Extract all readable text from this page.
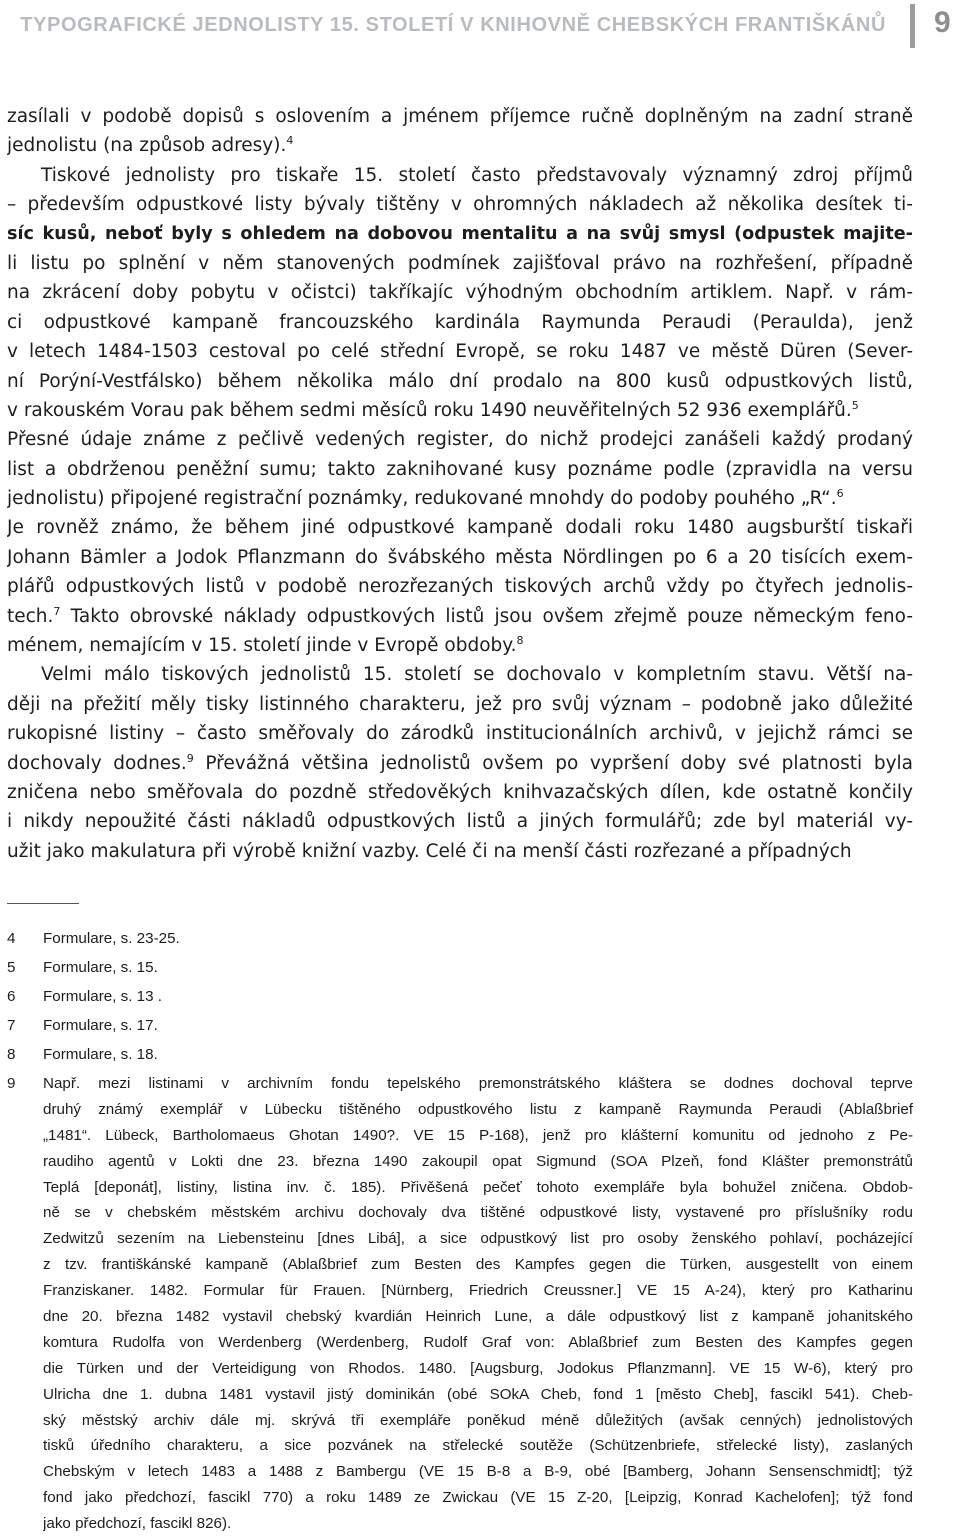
TYPOGRAFICKÉ JEDNOLISTY 15. STOLETÍ V KNIHOVNĚ CHEBSKÝCH FRANTIŠKÁNŮ 9
zasílali v podobě dopisů s oslovením a jménem příjemce ručně doplněným na zadní straně
jednolistu (na způsob adresy).$^4$
Tiskové jednolisty pro tiskaře 15. století často představovaly významný zdroj příjmů
– především odpustkové listy bývaly tištěny v ohromných nákladech až několika desítek ti-
síc kusů, neboť byly s ohledem na dobovou mentalitu a na svůj smysl (odpustek majite-
li listu po splnění v něm stanovených podmínek zajišťoval právo na rozhřešení, případně
na zkrácení doby pobytu v očistci) takříkajíc výhodným obchodním artiklem. Např. v rám-
ci odpustkové kampaně francouzského kardinála Raymunda Peraudi (Peraulda), jenž
v letech 1484-1503 cestoval po celé střední Evropě, se roku 1487 ve městě Düren (Sever-
ní Porýní-Vestfálsko) během několika málo dní prodalo na 800 kusů odpustkových listů,
v rakouském Vorau pak během sedmi měsíců roku 1490 neuvěřitelných 52 936 exemplářů.$^5$
Přesné údaje známe z pečlivě vedených register, do nichž prodejci zanášeli každý prodaný
list a obdrženou peněžní sumu; takto zaknihované kusy poznáme podle (zpravidla na versu
jednolistu) připojené registrační poznámky, redukované mnohdy do podoby pouhého „R“.$^6$
Je rovněž známo, že během jiné odpustkové kampaně dodali roku 1480 augsburští tiskaři
Johann Bämler a Jodok Pflanzmann do švábského města Nördlingen po 6 a 20 tisících exem-
plářů odpustkových listů v podobě nerozřezaných tiskových archů vždy po čtyřech jednolis-
tech.$^7$ Takto obrovské náklady odpustkových listů jsou ovšem zřejmě pouze německým feno-
ménem, nemajícím v 15. století jinde v Evropě obdoby.$^8$
Velmi málo tiskových jednolistů 15. století se dochovalo v kompletním stavu. Větší na-
ději na přežití měly tisky listinného charakteru, jež pro svůj význam – podobně jako důležité
rukopisné listiny – často směřovaly do zárodků institucionálních archivů, v jejichž rámci se
dochovaly dodnes.$^9$ Převážná většina jednolistů ovšem po vypršení doby své platnosti byla
zničena nebo směřovala do pozdně středověkých knihvazačských dílen, kde ostatně končily
i nikdy nepoužité části nákladů odpustkových listů a jiných formulářů; zde byl materiál vy-
užit jako makulatura při výrobě knižní vazby. Celé či na menší části rozřezané a případných
4 Formulare, s. 23-25.
5 Formulare, s. 15.
6 Formulare, s. 13 .
7 Formulare, s. 17.
8 Formulare, s. 18.
9 Např. mezi listinami v archivním fondu tepelského premonstrátského kláštera se dodnes dochoval teprve
druhý známý exemplář v Lübecku tištěného odpustkového listu z kampaně Raymunda Peraudi (Ablaßbrief
„1481“. Lübeck, Bartholomaeus Ghotan 1490?. VE 15 P-168), jenž pro klášterní komunitu od jednoho z Pe-
raudiho agentů v Lokti dne 23. března 1490 zakoupil opat Sigmund (SOA Plzeň, fond Klášter premonstrátů
Teplá [deponát], listiny, listina inv. č. 185). Přivěšená pečeť tohoto exempláře byla bohužel zničena. Obdob-
ně se v chebském městském archivu dochovaly dva tištěné odpustkové listy, vystavené pro příslušníky rodu
Zedwitzů sezením na Liebensteinu [dnes Libá], a sice odpustkový list pro osoby ženského pohlaví, pocházející
z tzv. františkánské kampaně (Ablaßbrief zum Besten des Kampfes gegen die Türken, ausgestellt von einem
Franziskaner. 1482. Formular für Frauen. [Nürnberg, Friedrich Creussner.] VE 15 A-24), který pro Katharinu
dne 20. března 1482 vystavil chebský kvardián Heinrich Lune, a dále odpustkový list z kampaně johanitského
komtura Rudolfa von Werdenberg (Werdenberg, Rudolf Graf von: Ablaßbrief zum Besten des Kampfes gegen
die Türken und der Verteidigung von Rhodos. 1480. [Augsburg, Jodokus Pflanzmann]. VE 15 W-6), který pro
Ulricha dne 1. dubna 1481 vystavil jistý dominikán (obé SOkA Cheb, fond 1 [město Cheb], fascikl 541). Cheb-
ský městský archiv dále mj. skrývá tři exempláře poněkud méně důležitých (avšak cenných) jednolistových
tisků úředního charakteru, a sice pozvánek na střelecké soutěže (Schützenbriefe, střelecké listy), zaslaných
Chebským v letech 1483 a 1488 z Bambergu (VE 15 B-8 a B-9, obé [Bamberg, Johann Sensenschmidt]; týž
fond jako předchozí, fascikl 770) a roku 1489 ze Zwickau (VE 15 Z-20, [Leipzig, Konrad Kachelofen]; týž fond
jako předchozí, fascikl 826).
